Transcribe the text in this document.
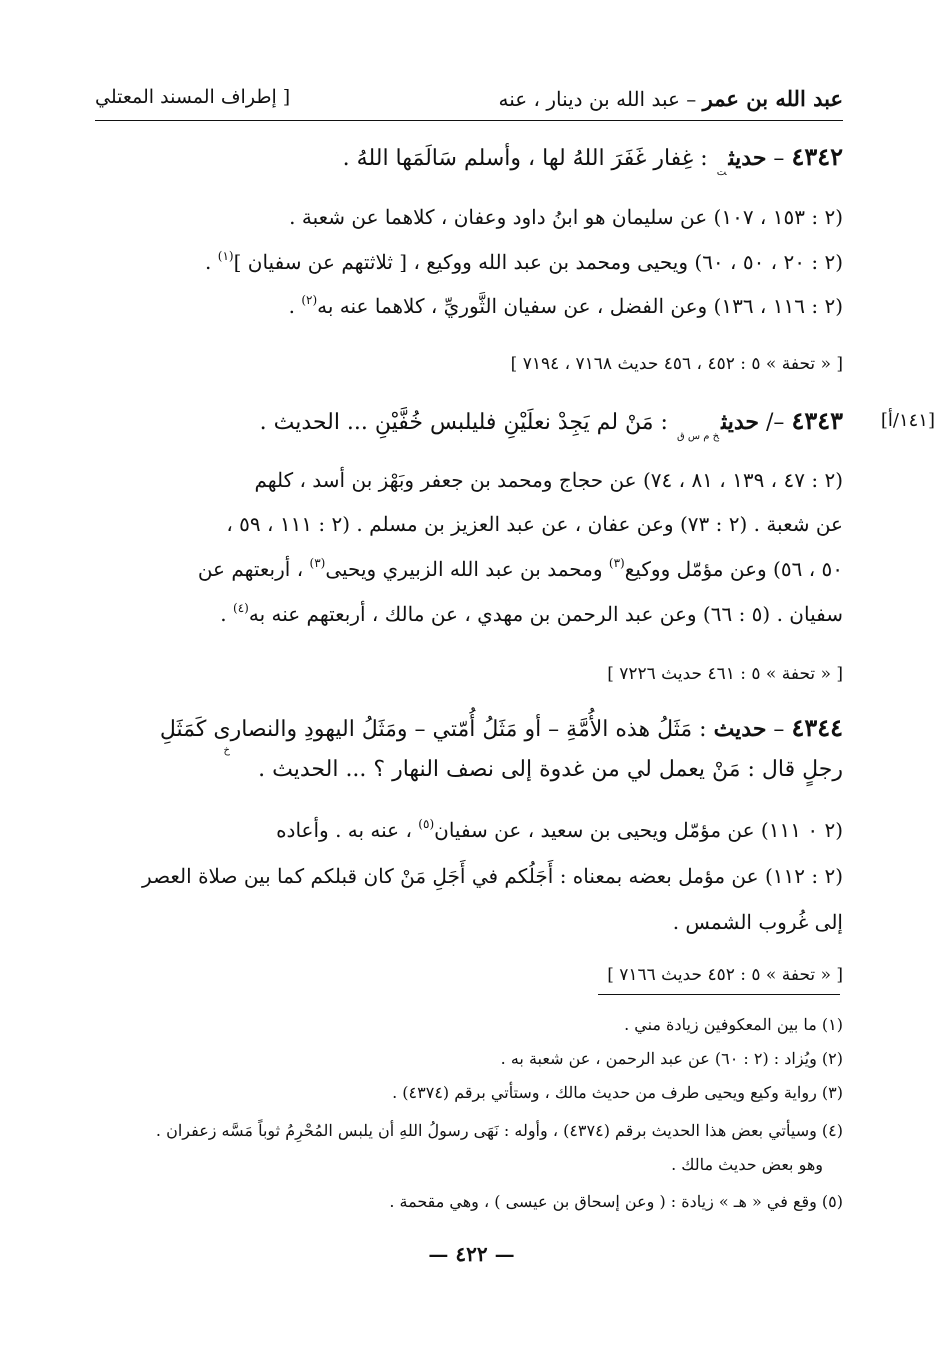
عبد الله بن عمر – عبد الله بن دينار ، عنه
[ إطراف المسند المعتلي
٤٣٤٢ – حديث$_ت$ : غِفار غَفَرَ اللهُ لها ، وأسلم سَالَمَها اللهُ .
(٢ : ١٥٣ ، ١٠٧) عن سليمان هو ابنُ داود وعفان ، كلاهما عن شعبة .
(٢ : ٢٠ ، ٥٠ ، ٦٠) ويحيى ومحمد بن عبد الله ووكيع ، [ ثلاثتهم عن سفيان ]$^{(١)}$ .
(٢ : ١١٦ ، ١٣٦) وعن الفضل ، عن سفيان الثَّوريِّ ، كلاهما عنه به$^{(٢)}$ .
[ « تحفة » ٥ : ٤٥٢ ، ٤٥٦ حديث ٧١٦٨ ، ٧١٩٤ ]
[١٤١/أ]
٤٣٤٣ –/ حديث$_{خ م س ق}$ : مَنْ لم يَجِدْ نعلَيْنِ فليلبس خُفَّيْنِ ... الحديث .
(٢ : ٤٧ ، ١٣٩ ، ٨١ ، ٧٤) عن حجاج ومحمد بن جعفر وبَهْز بن أسد ، كلهم
عن شعبة . (٢ : ٧٣) وعن عفان ، عن عبد العزيز بن مسلم . (٢ : ١١١ ، ٥٩ ،
٥٠ ، ٥٦) وعن مؤمّل ووكيع$^{(٣)}$ ومحمد بن عبد الله الزبيري ويحيى$^{(٣)}$ ، أربعتهم عن
سفيان . (٥ : ٦٦) وعن عبد الرحمن بن مهدي ، عن مالك ، أربعتهم عنه به$^{(٤)}$ .
[ « تحفة » ٥ : ٤٦١ حديث ٧٢٢٦ ]
٤٣٤٤ – حديث : مَثَلُ هذه الأُمَّةِ – أو مَثَلُ أُمّتي – ومَثَلُ اليهودِ والنصارى كَمَثَلِ
رجلٍ قال : مَنْ يعمل لي من غدوة إلى نصف النهار ؟ ... الحديث .
خ
(٢ ٠ ١١١) عن مؤمّل ويحيى بن سعيد ، عن سفيان$^{(٥)}$ ، عنه به . وأعاده
(٢ : ١١٢) عن مؤمل بعضه بمعناه : أَجَلُكم في أَجَلِ مَنْ كان قبلكم كما بين صلاة العصر
إلى غُروب الشمس .
[ « تحفة » ٥ : ٤٥٢ حديث ٧١٦٦ ]
(١) ما بين المعكوفين زيادة مني .
(٢) ويُزاد : (٢ : ٦٠) عن عبد الرحمن ، عن شعبة به .
(٣) رواية وكيع ويحيى طرف من حديث مالك ، وستأتي برقم (٤٣٧٤) .
(٤) وسيأتي بعض هذا الحديث برقم (٤٣٧٤) ، وأوله : نَهَى رسولُ اللهِ أن يلبس المُحْرِمُ ثوباً مَسَّه زعفران .
وهو بعض حديث مالك .
(٥) وقع في « هـ » زيادة : ( وعن إسحاق بن عيسى ) ، وهي مقحمة .
— ٤٢٢ —
